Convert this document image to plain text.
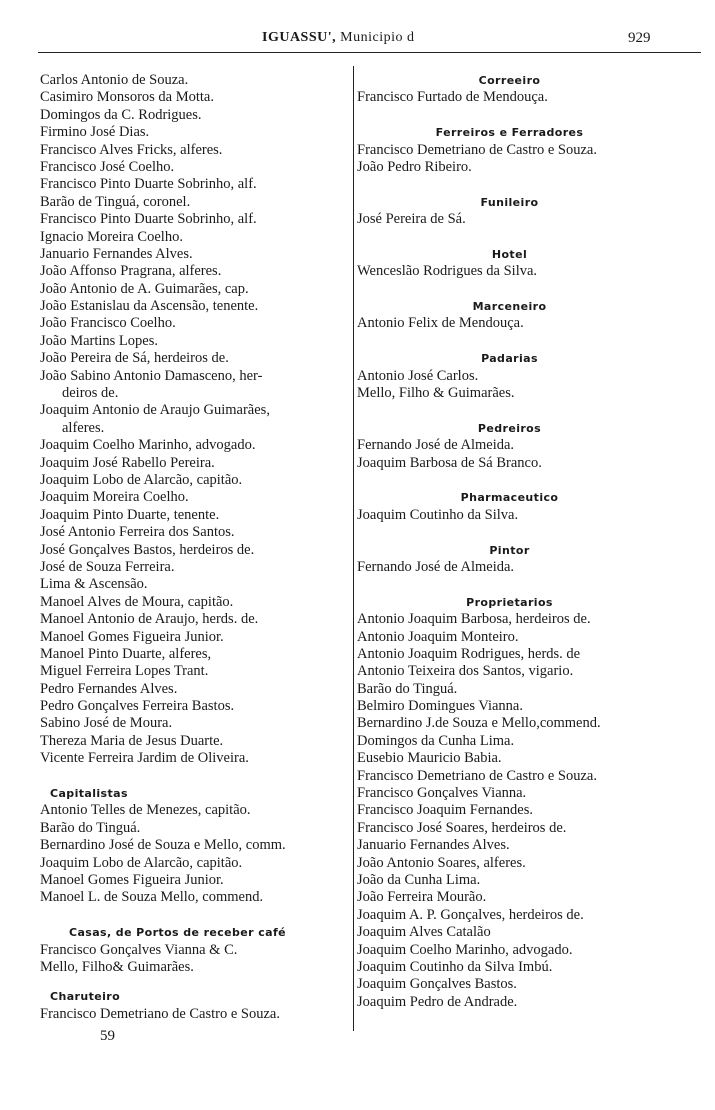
IGUASSU', Municipio d	929
Carlos Antonio de Souza.
Casimiro Monsoros da Motta.
Domingos da C. Rodrigues.
Firmino José Dias.
Francisco Alves Fricks, alferes.
Francisco José Coelho.
Francisco Pinto Duarte Sobrinho, alf.
Barão de Tinguá, coronel.
Francisco Pinto Duarte Sobrinho, alf.
Ignacio Moreira Coelho.
Januario Fernandes Alves.
João Affonso Pragrana, alferes.
João Antonio de A. Guimarães, cap.
João Estanislau da Ascensão, tenente.
João Francisco Coelho.
João Martins Lopes.
João Pereira de Sá, herdeiros de.
João Sabino Antonio Damasceno, her-
deiros de.
Joaquim Antonio de Araujo Guimarães,
alferes.
Joaquim Coelho Marinho, advogado.
Joaquim José Rabello Pereira.
Joaquim Lobo de Alarcão, capitão.
Joaquim Moreira Coelho.
Joaquim Pinto Duarte, tenente.
José Antonio Ferreira dos Santos.
José Gonçalves Bastos, herdeiros de.
José de Souza Ferreira.
Lima & Ascensão.
Manoel Alves de Moura, capitão.
Manoel Antonio de Araujo, herds. de.
Manoel Gomes Figueira Junior.
Manoel Pinto Duarte, alferes,
Miguel Ferreira Lopes Trant.
Pedro Fernandes Alves.
Pedro Gonçalves Ferreira Bastos.
Sabino José de Moura.
Thereza Maria de Jesus Duarte.
Vicente Ferreira Jardim de Oliveira.
Capitalistas
Antonio Telles de Menezes, capitão.
Barão do Tinguá.
Bernardino José de Souza e Mello, comm.
Joaquim Lobo de Alarcão, capitão.
Manoel Gomes Figueira Junior.
Manoel L. de Souza Mello, commend.
Casas, de Portos de receber café
Francisco Gonçalves Vianna & C.
Mello, Filho& Guimarães.
Charuteiro
Francisco Demetriano de Castro e Souza.
Correeiro
Francisco Furtado de Mendouça.
Ferreiros e Ferradores
Francisco Demetriano de Castro e Souza.
João Pedro Ribeiro.
Funileiro
José Pereira de Sá.
Hotel
Wenceslão Rodrigues da Silva.
Marceneiro
Antonio Felix de Mendouça.
Padarias
Antonio José Carlos.
Mello, Filho & Guimarães.
Pedreiros
Fernando José de Almeida.
Joaquim Barbosa de Sá Branco.
Pharmaceutico
Joaquim Coutinho da Silva.
Pintor
Fernando José de Almeida.
Proprietarios
Antonio Joaquim Barbosa, herdeiros de.
Antonio Joaquim Monteiro.
Antonio Joaquim Rodrigues, herds. de
Antonio Teixeira dos Santos, vigario.
Barão do Tinguá.
Belmiro Domingues Vianna.
Bernardino J.de Souza e Mello,commend.
Domingos da Cunha Lima.
Eusebio Mauricio Babia.
Francisco Demetriano de Castro e Souza.
Francisco Gonçalves Vianna.
Francisco Joaquim Fernandes.
Francisco José Soares, herdeiros de.
Januario Fernandes Alves.
João Antonio Soares, alferes.
João da Cunha Lima.
João Ferreira Mourão.
Joaquim A. P. Gonçalves, herdeiros de.
Joaquim Alves Catalão
Joaquim Coelho Marinho, advogado.
Joaquim Coutinho da Silva Imbú.
Joaquim Gonçalves Bastos.
Joaquim Pedro de Andrade.
59
